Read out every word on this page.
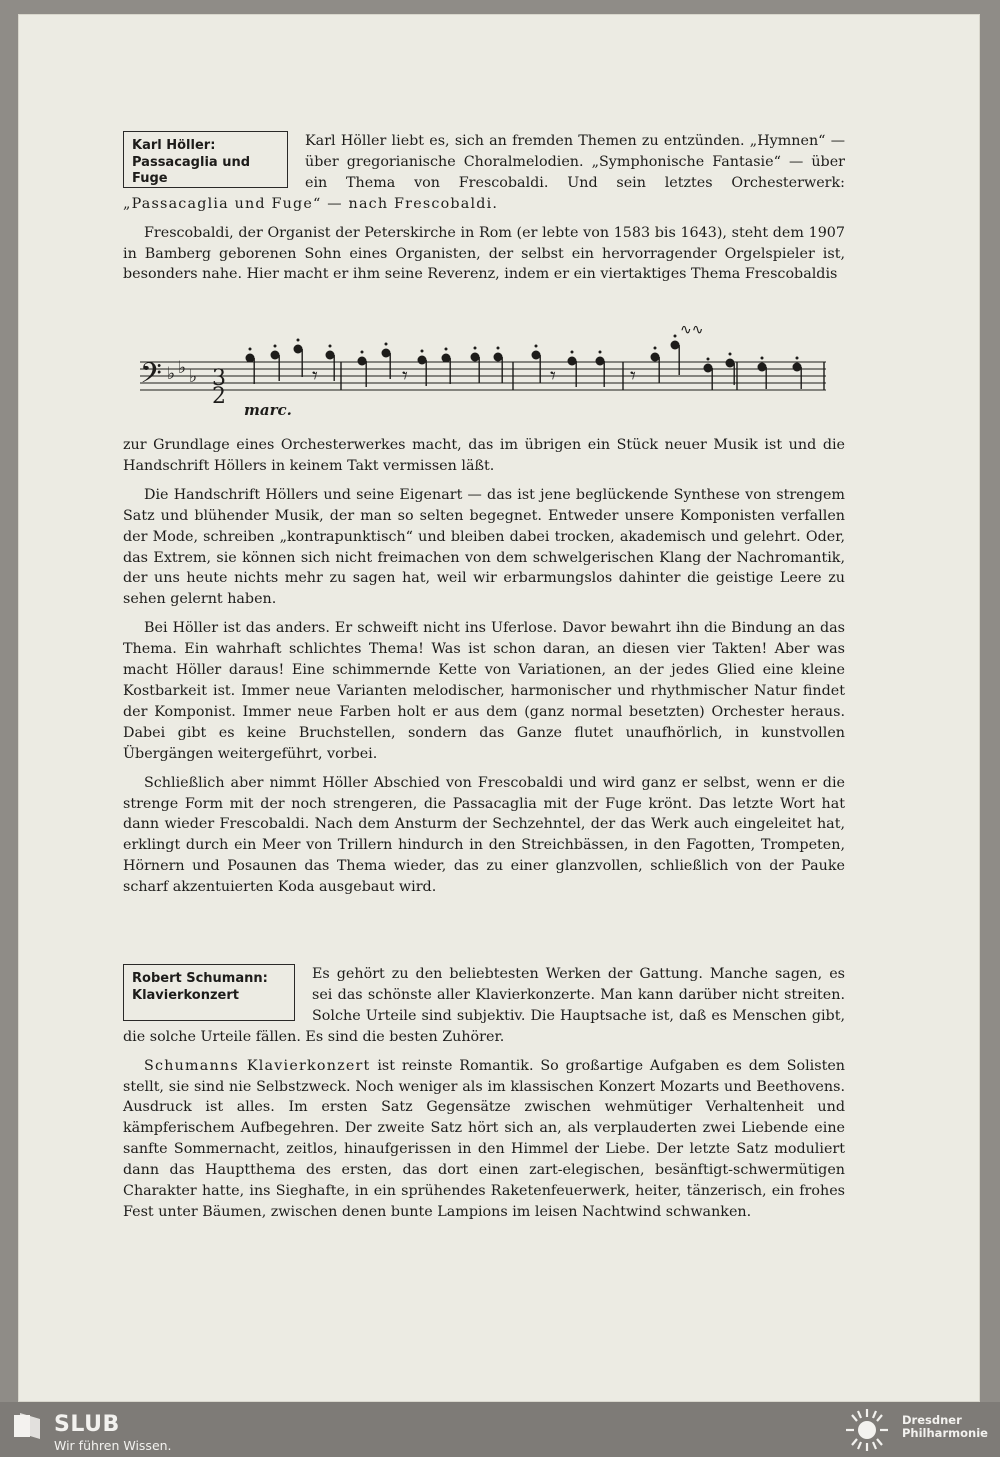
Karl Höller:
Passacaglia und
Fuge

Karl Höller liebt es, sich an fremden Themen zu entzünden. „Hymnen“ — über gregorianische Choralmelodien. „Symphonische Fantasie“ — über ein Thema von Frescobaldi. Und sein letztes Orchesterwerk: „Passacaglia und Fuge“ — nach Frescobaldi.

Frescobaldi, der Organist der Peterskirche in Rom (er lebte von 1583 bis 1643), steht dem 1907 in Bamberg geborenen Sohn eines Organisten, der selbst ein hervorragender Orgelspieler ist, besonders nahe. Hier macht er ihm seine Reverenz, indem er ein viertaktiges Thema Frescobaldis

𝄢 ♭ ♭ ♭ 3
2
𝄾	𝄾	𝄾	𝄾
∿∿
marc.

zur Grundlage eines Orchesterwerkes macht, das im übrigen ein Stück neuer Musik ist und die Handschrift Höllers in keinem Takt vermissen läßt.

Die Handschrift Höllers und seine Eigenart — das ist jene beglückende Synthese von strengem Satz und blühender Musik, der man so selten begegnet. Entweder unsere Komponisten verfallen der Mode, schreiben „kontrapunktisch“ und bleiben dabei trocken, akademisch und gelehrt. Oder, das Extrem, sie können sich nicht freimachen von dem schwelgerischen Klang der Nachromantik, der uns heute nichts mehr zu sagen hat, weil wir erbarmungslos dahinter die geistige Leere zu sehen gelernt haben.

Bei Höller ist das anders. Er schweift nicht ins Uferlose. Davor bewahrt ihn die Bindung an das Thema. Ein wahrhaft schlichtes Thema! Was ist schon daran, an diesen vier Takten! Aber was macht Höller daraus! Eine schimmernde Kette von Variationen, an der jedes Glied eine kleine Kostbarkeit ist. Immer neue Varianten melodischer, harmonischer und rhythmischer Natur findet der Komponist. Immer neue Farben holt er aus dem (ganz normal besetzten) Orchester heraus. Dabei gibt es keine Bruchstellen, sondern das Ganze flutet unaufhörlich, in kunstvollen Übergängen weitergeführt, vorbei.

Schließlich aber nimmt Höller Abschied von Frescobaldi und wird ganz er selbst, wenn er die strenge Form mit der noch strengeren, die Passacaglia mit der Fuge krönt. Das letzte Wort hat dann wieder Frescobaldi. Nach dem Ansturm der Sechzehntel, der das Werk auch eingeleitet hat, erklingt durch ein Meer von Trillern hindurch in den Streichbässen, in den Fagotten, Trompeten, Hörnern und Posaunen das Thema wieder, das zu einer glanzvollen, schließlich von der Pauke scharf akzentuierten Koda ausgebaut wird.

Robert Schumann:
Klavierkonzert

Es gehört zu den beliebtesten Werken der Gattung. Manche sagen, es sei das schönste aller Klavierkonzerte. Man kann darüber nicht streiten. Solche Urteile sind subjektiv. Die Hauptsache ist, daß es Menschen gibt, die solche Urteile fällen. Es sind die besten Zuhörer.

Schumanns Klavierkonzert ist reinste Romantik. So großartige Aufgaben es dem Solisten stellt, sie sind nie Selbstzweck. Noch weniger als im klassischen Konzert Mozarts und Beethovens. Ausdruck ist alles. Im ersten Satz Gegensätze zwischen wehmütiger Verhaltenheit und kämpferischem Aufbegehren. Der zweite Satz hört sich an, als verplauderten zwei Liebende eine sanfte Sommernacht, zeitlos, hinaufgerissen in den Himmel der Liebe. Der letzte Satz moduliert dann das Hauptthema des ersten, das dort einen zart-elegischen, besänftigt-schwermütigen Charakter hatte, ins Sieghafte, in ein sprühendes Raketenfeuerwerk, heiter, tänzerisch, ein frohes Fest unter Bäumen, zwischen denen bunte Lampions im leisen Nachtwind schwanken.

SLUB
Wir führen Wissen.
Dresdner
Philharmonie
